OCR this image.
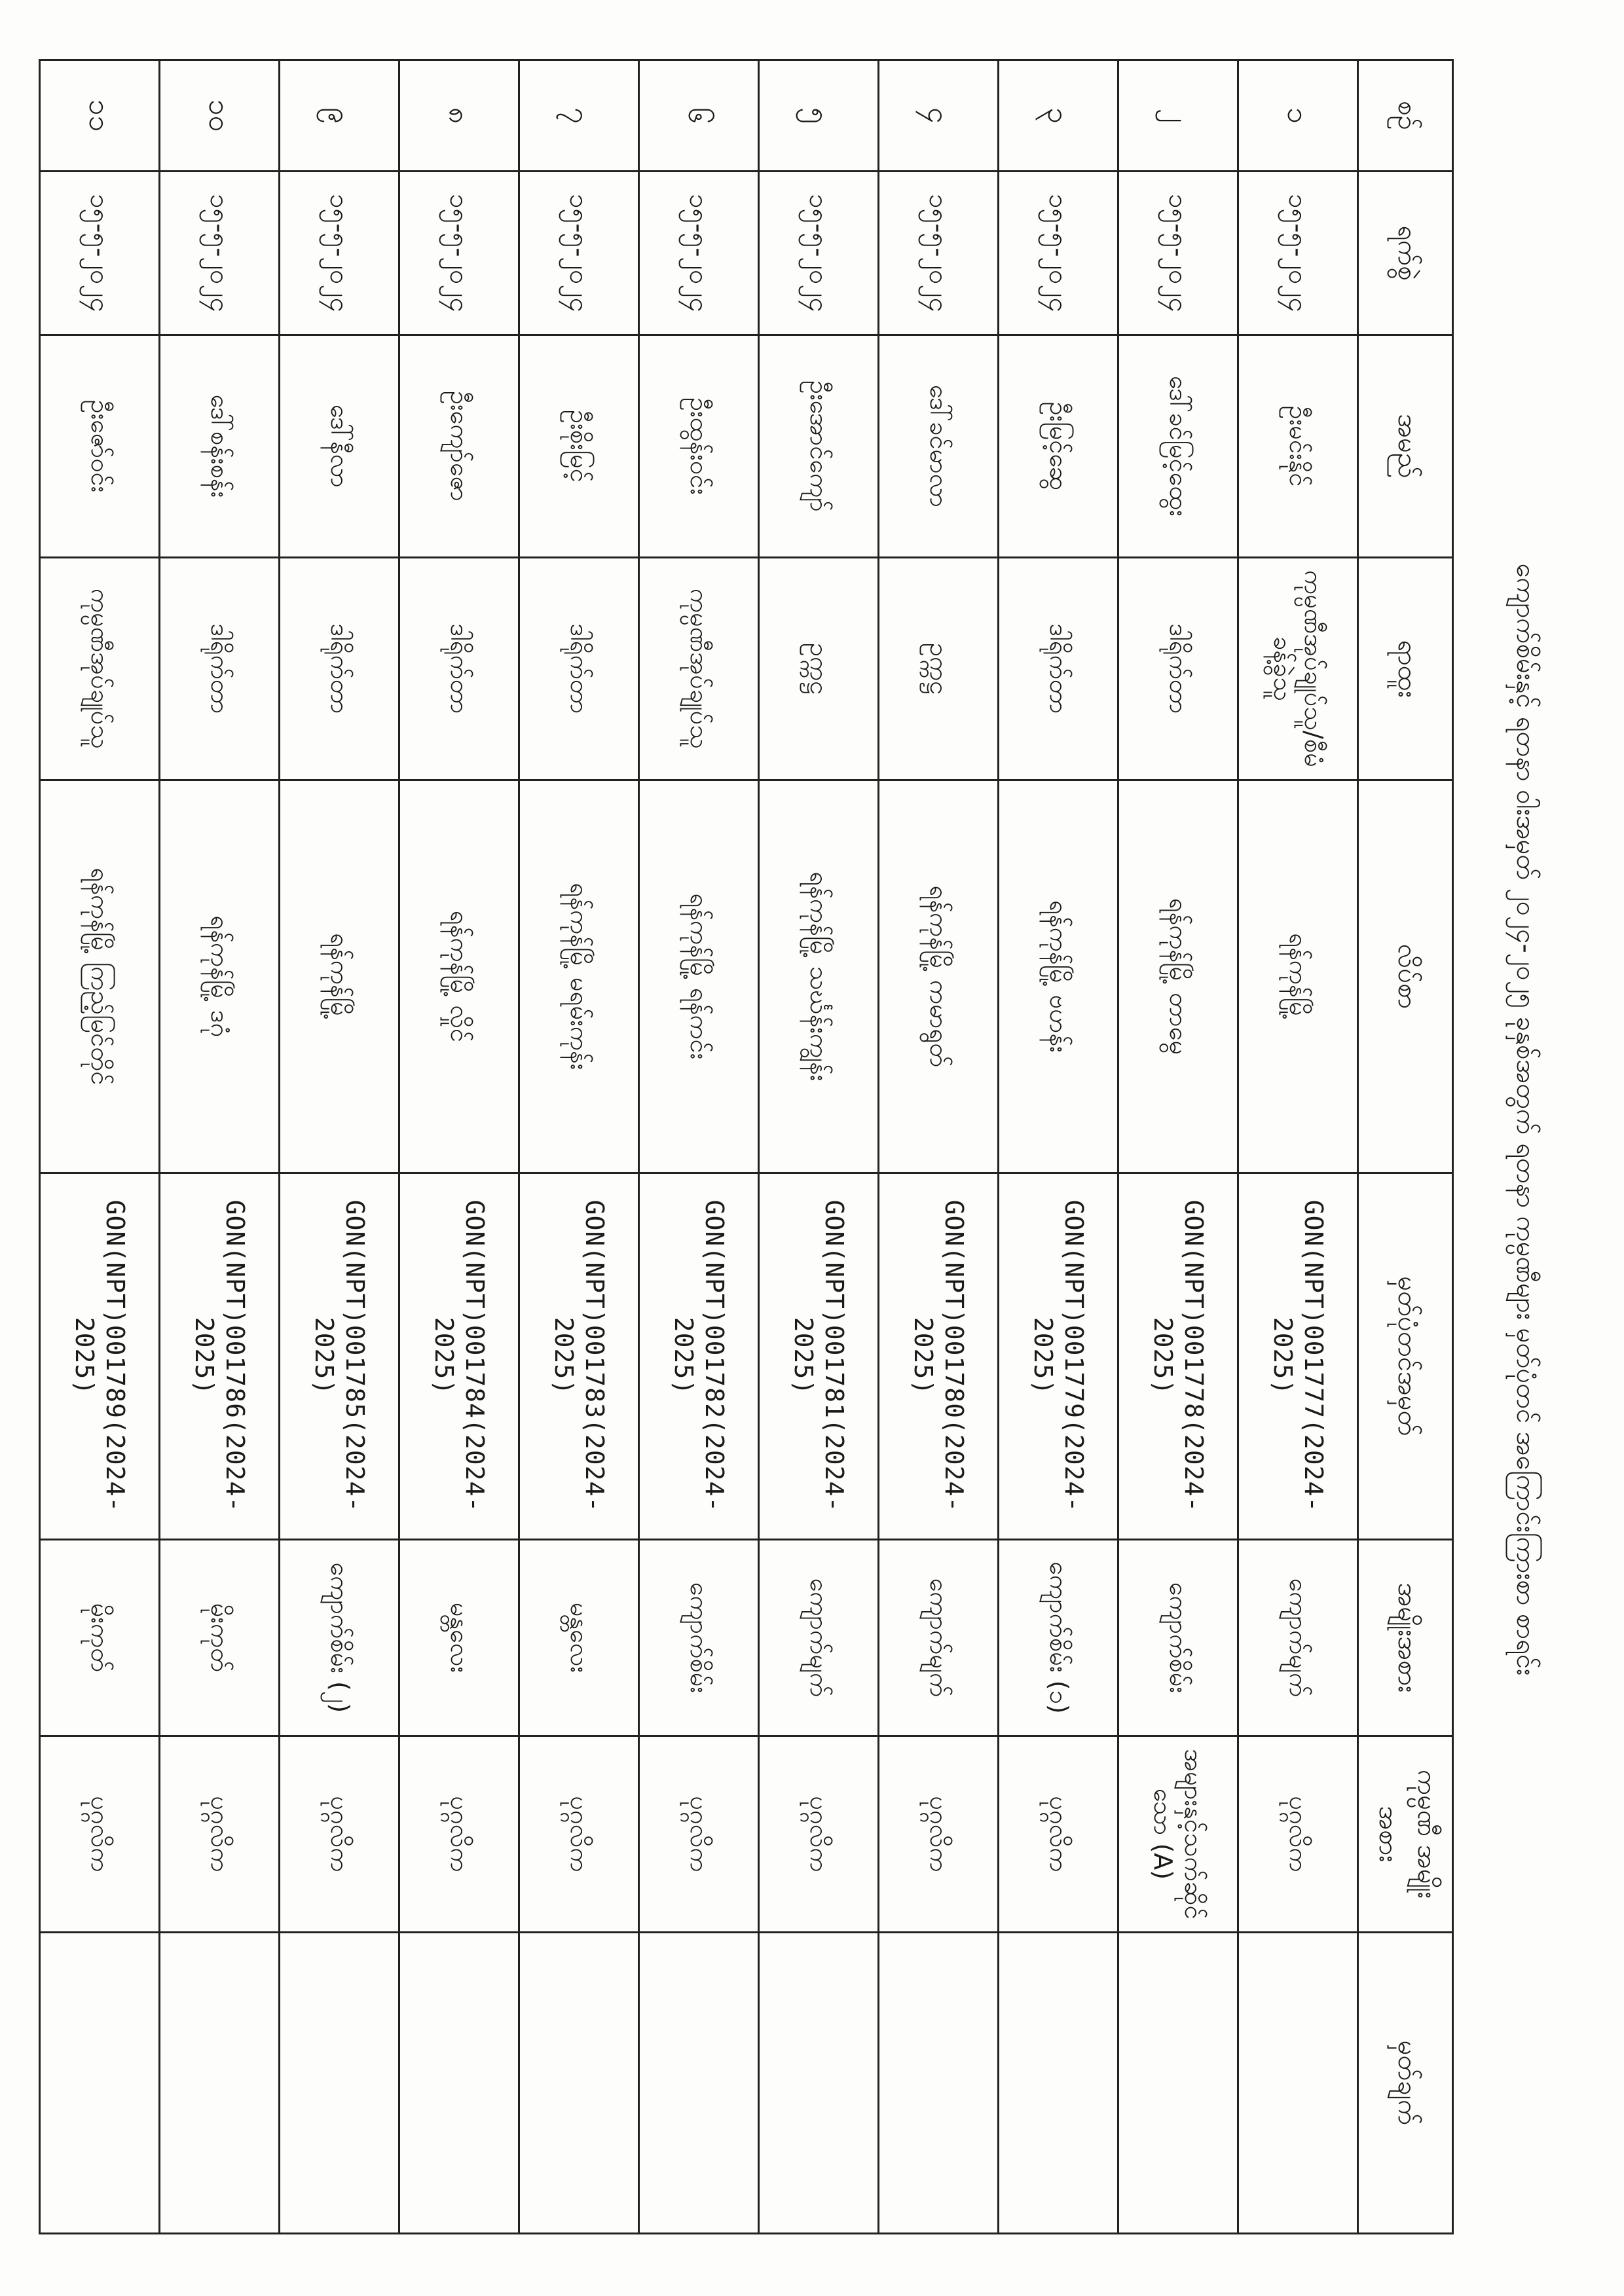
ကျောက်စိမ်းနှင့် ရတနာ ဝါးအမှတ် ၂၀၂၄-၂၀၂၅ ခုနှစ်အတွက် ရတနာ ကုမ္ပဏီများ မှတ်ပုံတင် အကြောင်းကြားစာ စာရင်း
စဉ်	ရက်စွဲ	အမည်	ရာထူး	လိပ်စာ	မှတ်ပုံတင်အမှတ်	အမျိုးအစား	ကုမ္ပဏီ အမျိုးအစား	မှတ်ချက်
၁	၁၅-၅-၂၀၂၄	ဦးမင်းနိုင်	ကုမ္ပဏီအုပ်ချုပ်သူ/စီမံခန့်ခွဲသူ	ရန်ကုန်မြို့	GON(NPT)001777(2024-2025)	ကျောက်မျက်	ပုဂ္ဂလိက	
၂	၁၅-၅-၂၀၂၄	ဒေါ်ခင်မြင့်ထွေး	ဒါရိုက်တာ	ရန်ကုန်မြို့ တာမွေ	GON(NPT)001778(2024-2025)	ကျောက်စိမ်း	အများနှင့်သက်ဆိုင်သော (A)	
၃	၁၅-၅-၂၀၂၄	ဦးမြင့်ဆွေ	ဒါရိုက်တာ	ရန်ကုန်မြို့ ဗဟန်း	GON(NPT)001779(2024-2025)	ကျောက်စိမ်း (၁)	ပုဂ္ဂလိက	
၄	၁၅-၅-၂၀၂၄	ဒေါ်ခင်မာလာ	ဥက္ကဋ္ဌ	ရန်ကုန်မြို့ ကမာရွတ်	GON(NPT)001780(2024-2025)	ကျောက်မျက်	ပုဂ္ဂလိက	
၅	၁၅-၅-၂၀၂၄	ဦးအောင်ကျော်	ဥက္ကဋ္ဌ	ရန်ကုန်မြို့ သင်္ဃန်းကျွန်း	GON(NPT)001781(2024-2025)	ကျောက်မျက်	ပုဂ္ဂလိက	
၆	၁၅-၅-၂၀၂၄	ဦးထွန်းဝင်း	ကုမ္ပဏီအုပ်ချုပ်သူ	ရန်ကုန်မြို့ ရန်ကင်း	GON(NPT)001782(2024-2025)	ကျောက်စိမ်း	ပုဂ္ဂလိက	
၇	၁၅-၅-၂၀၂၄	ဦးစိုးမြင့်	ဒါရိုက်တာ	ရန်ကုန်မြို့ မရမ်းကုန်း	GON(NPT)001783(2024-2025)	မန္တလေး	ပုဂ္ဂလိက	
၈	၁၅-၅-၂၀၂၄	ဦးကျော်ဇော	ဒါရိုက်တာ	ရန်ကုန်မြို့ လှိုင်	GON(NPT)001784(2024-2025)	မန္တလေး	ပုဂ္ဂလိက	
၉	၁၅-၅-၂၀၂၄	ဒေါ်နီလာ	ဒါရိုက်တာ	ရန်ကုန်မြို့	GON(NPT)001785(2024-2025)	ကျောက်စိမ်း (၂)	ပုဂ္ဂလိက	
၁၀	၁၅-၅-၂၀၂၄	ဒေါ်စန်းစန်း	ဒါရိုက်တာ	ရန်ကုန်မြို့ ဒဂုံ	GON(NPT)001786(2024-2025)	မိုးကုတ်	ပုဂ္ဂလိက	
၁၁	၁၅-၅-၂၀၂၄	ဦးဇော်ဝင်း	ကုမ္ပဏီအုပ်ချုပ်သူ	ရန်ကုန်မြို့ ကြည့်မြင်တိုင်	GON(NPT)001789(2024-2025)	မိုးကုတ်	ပုဂ္ဂလိက	
